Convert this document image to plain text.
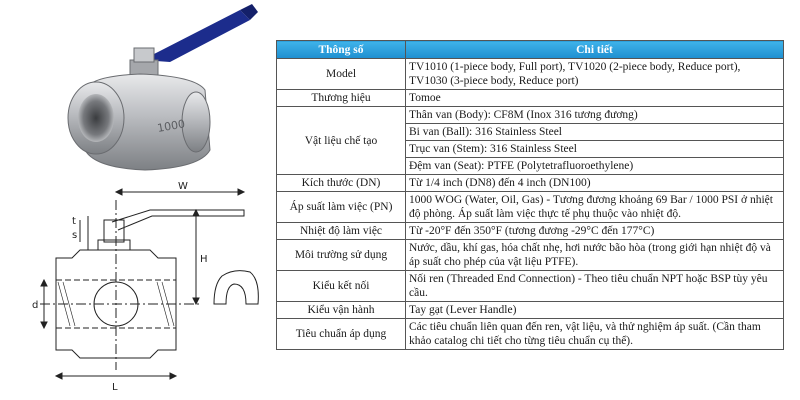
1000
W
H
s
t
d
L
Thông số	Chi tiết
Model	TV1010 (1-piece body, Full port), TV1020 (2-piece body, Reduce port), TV1030 (3-piece body, Reduce port)
Thương hiệu	Tomoe
Vật liệu chế tạo	Thân van (Body): CF8M (Inox 316 tương đương)
	Bi van (Ball): 316 Stainless Steel
	Trục van (Stem): 316 Stainless Steel
	Đệm van (Seat): PTFE (Polytetrafluoroethylene)
Kích thước (DN)	Từ 1/4 inch (DN8) đến 4 inch (DN100)
Áp suất làm việc (PN)	1000 WOG (Water, Oil, Gas) - Tương đương khoảng 69 Bar / 1000 PSI ở nhiệt độ phòng. Áp suất làm việc thực tế phụ thuộc vào nhiệt độ.
Nhiệt độ làm việc	Từ -20°F đến 350°F (tương đương -29°C đến 177°C)
Môi trường sử dụng	Nước, dầu, khí gas, hóa chất nhẹ, hơi nước bão hòa (trong giới hạn nhiệt độ và áp suất cho phép của vật liệu PTFE).
Kiểu kết nối	Nối ren (Threaded End Connection) - Theo tiêu chuẩn NPT hoặc BSP tùy yêu cầu.
Kiểu vận hành	Tay gạt (Lever Handle)
Tiêu chuẩn áp dụng	Các tiêu chuẩn liên quan đến ren, vật liệu, và thử nghiệm áp suất. (Cần tham khảo catalog chi tiết cho từng tiêu chuẩn cụ thể).
